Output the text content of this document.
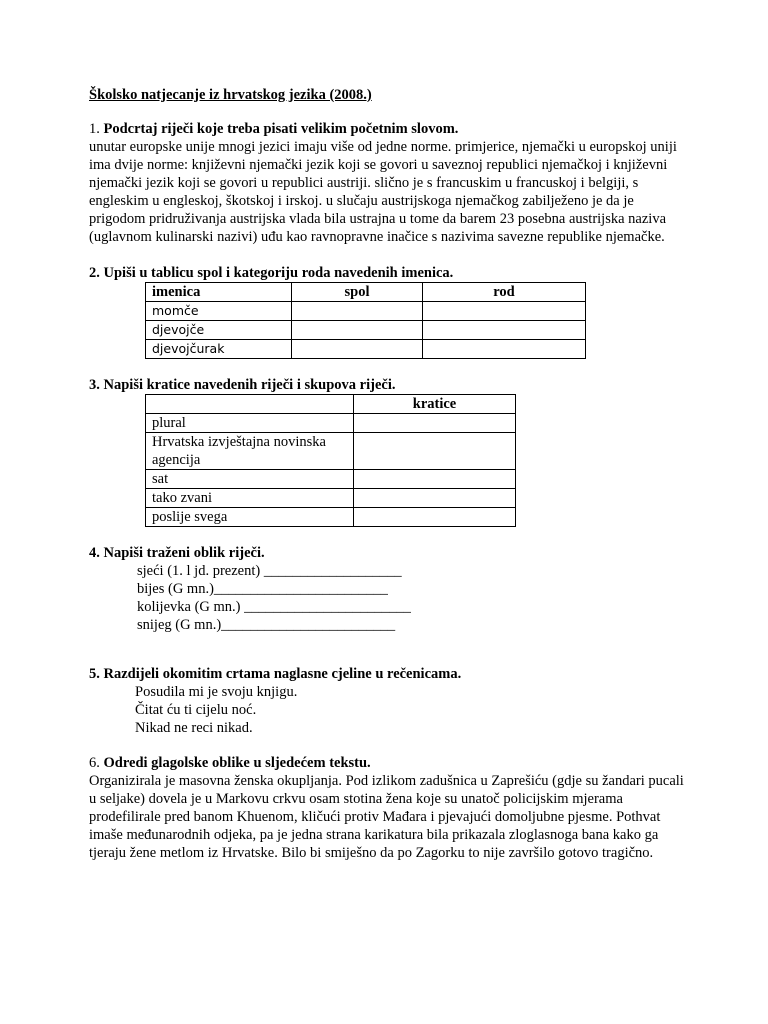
Školsko natjecanje iz hrvatskog jezika (2008.)

1. Podcrtaj riječi koje treba pisati velikim početnim slovom.

unutar europske unije mnogi jezici imaju više od jedne norme. primjerice, njemački u europskoj uniji

ima dvije norme: književni njemački jezik koji se govori u saveznoj republici njemačkoj i književni

njemački jezik koji se govori u republici austriji. slično je s francuskim u francuskoj i belgiji, s

engleskim u engleskoj, škotskoj i irskoj. u slučaju austrijskoga njemačkog zabilježeno je da je

prigodom pridruživanja austrijska vlada bila ustrajna u tome da barem 23 posebna austrijska naziva

(uglavnom kulinarski nazivi) uđu kao ravnopravne inačice s nazivima savezne republike njemačke.

2. Upiši u tablicu spol i kategoriju roda navedenih imenica.

imenica	spol	rod
momče		
djevojče		
djevojčurak		

3. Napiši kratice navedenih riječi i skupova riječi.

	kratice
plural	
Hrvatska izvještajna novinska
agencija	
sat	
tako zvani	
poslije svega	

4. Napiši traženi oblik riječi.

sjeći (1. l jd. prezent) ___________________

bijes (G mn.)________________________

kolijevka (G mn.) _______________________

snijeg (G mn.)________________________

5. Razdijeli okomitim crtama naglasne cjeline u rečenicama.

Posudila mi je svoju knjigu.

Čitat ću ti cijelu noć.

Nikad ne reci nikad.

6. Odredi glagolske oblike u sljedećem tekstu.

Organizirala je masovna ženska okupljanja. Pod izlikom zadušnica u Zaprešiću (gdje su žandari pucali

u seljake) dovela je u Markovu crkvu osam stotina žena koje su unatoč policijskim mjerama

prodefilirale pred banom Khuenom, kličući protiv Mađara i pjevajući domoljubne pjesme. Pothvat

imaše međunarodnih odjeka, pa je jedna strana karikatura bila prikazala zloglasnoga bana kako ga

tjeraju žene metlom iz Hrvatske. Bilo bi smiješno da po Zagorku to nije završilo gotovo tragično.
